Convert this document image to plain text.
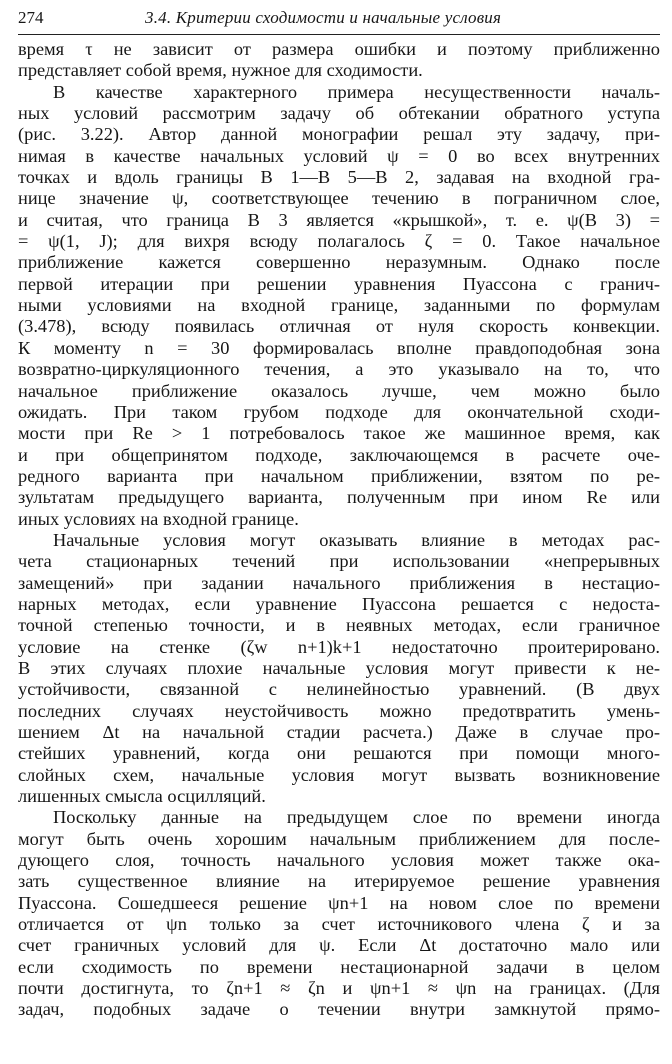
274	3.4. Критерии сходимости и начальные условия
время τ не зависит от размера ошибки и поэтому приближенно
представляет собой время, нужное для сходимости.
В качестве характерного примера несущественности началь-
ных условий рассмотрим задачу об обтекании обратного уступа
(рис. 3.22). Автор данной монографии решал эту задачу, при-
нимая в качестве начальных условий ψ = 0 во всех внутренних
точках и вдоль границы B 1—B 5—B 2, задавая на входной гра-
нице значение ψ, соответствующее течению в пограничном слое,
и считая, что граница B 3 является «крышкой», т. е. ψ(B 3) =
= ψ(1, J); для вихря всюду полагалось ζ = 0. Такое начальное
приближение кажется совершенно неразумным. Однако после
первой итерации при решении уравнения Пуассона с гранич-
ными условиями на входной границе, заданными по формулам
(3.478), всюду появилась отличная от нуля скорость конвекции.
К моменту n = 30 формировалась вполне правдоподобная зона
возвратно-циркуляционного течения, а это указывало на то, что
начальное приближение оказалось лучше, чем можно было
ожидать. При таком грубом подходе для окончательной сходи-
мости при Re > 1 потребовалось такое же машинное время, как
и при общепринятом подходе, заключающемся в расчете оче-
редного варианта при начальном приближении, взятом по ре-
зультатам предыдущего варианта, полученным при ином Re или
иных условиях на входной границе.
Начальные условия могут оказывать влияние в методах рас-
чета стационарных течений при использовании «непрерывных
замещений» при задании начального приближения в нестацио-
нарных методах, если уравнение Пуассона решается с недоста-
точной степенью точности, и в неявных методах, если граничное
условие на стенке (ζw n+1)k+1 недостаточно проитерировано.
В этих случаях плохие начальные условия могут привести к не-
устойчивости, связанной с нелинейностью уравнений. (В двух
последних случаях неустойчивость можно предотвратить умень-
шением Δt на начальной стадии расчета.) Даже в случае про-
стейших уравнений, когда они решаются при помощи много-
слойных схем, начальные условия могут вызвать возникновение
лишенных смысла осцилляций.
Поскольку данные на предыдущем слое по времени иногда
могут быть очень хорошим начальным приближением для после-
дующего слоя, точность начального условия может также ока-
зать существенное влияние на итерируемое решение уравнения
Пуассона. Сошедшееся решение ψn+1 на новом слое по времени
отличается от ψn только за счет источникового члена ζ и за
счет граничных условий для ψ. Если Δt достаточно мало или
если сходимость по времени нестационарной задачи в целом
почти достигнута, то ζn+1 ≈ ζn и ψn+1 ≈ ψn на границах. (Для
задач, подобных задаче о течении внутри замкнутой прямо-
